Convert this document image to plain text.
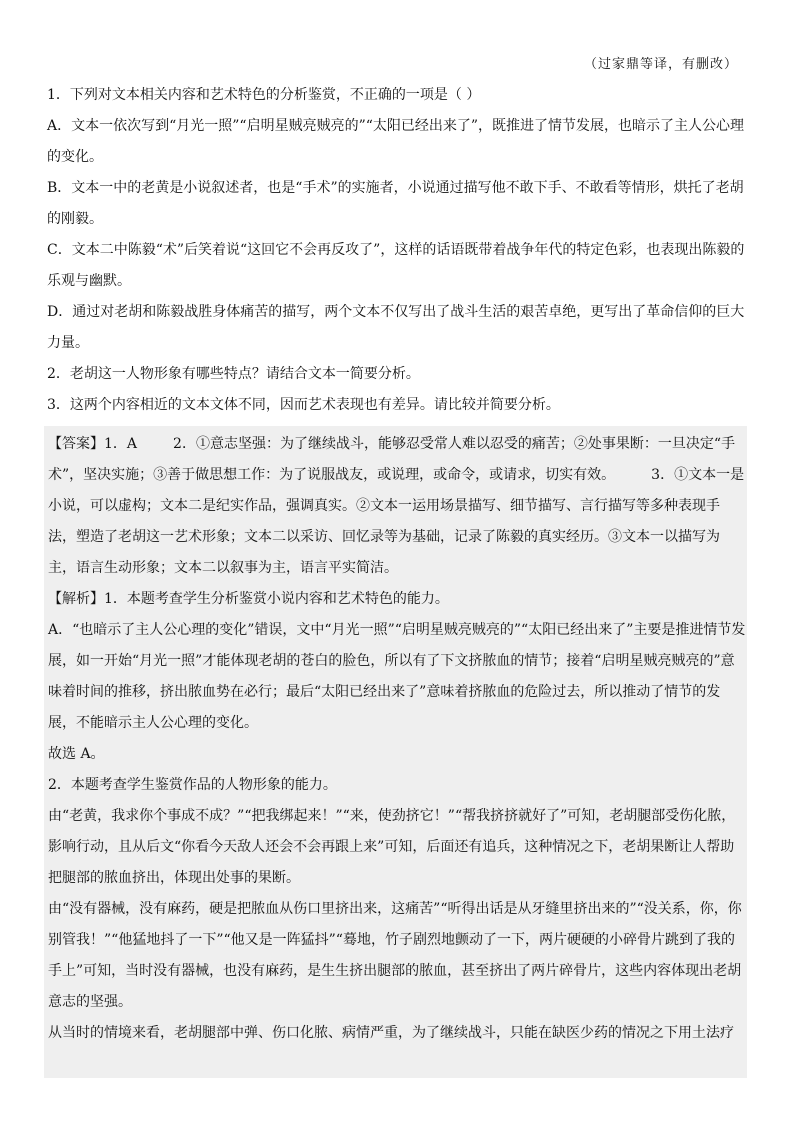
（过家鼎等译，有删改）

1．下列对文本相关内容和艺术特色的分析鉴赏，不正确的一项是（ ）

A．文本一依次写到“月光一照”“启明星贼亮贼亮的”“太阳已经出来了”，既推进了情节发展，也暗示了主人公心理的变化。

B．文本一中的老黄是小说叙述者，也是“手术”的实施者，小说通过描写他不敢下手、不敢看等情形，烘托了老胡的刚毅。

C．文本二中陈毅“术”后笑着说“这回它不会再反攻了”，这样的话语既带着战争年代的特定色彩，也表现出陈毅的乐观与幽默。

D．通过对老胡和陈毅战胜身体痛苦的描写，两个文本不仅写出了战斗生活的艰苦卓绝，更写出了革命信仰的巨大力量。

2．老胡这一人物形象有哪些特点？请结合文本一简要分析。

3．这两个内容相近的文本文体不同，因而艺术表现也有差异。请比较并简要分析。

【答案】1．A	2．①意志坚强：为了继续战斗，能够忍受常人难以忍受的痛苦；②处事果断：一旦决定“手术”，坚决实施；③善于做思想工作：为了说服战友，或说理，或命令，或请求，切实有效。	3．①文本一是小说，可以虚构；文本二是纪实作品，强调真实。②文本一运用场景描写、细节描写、言行描写等多种表现手法，塑造了老胡这一艺术形象；文本二以采访、回忆录等为基础，记录了陈毅的真实经历。③文本一以描写为主，语言生动形象；文本二以叙事为主，语言平实简洁。

【解析】1．本题考查学生分析鉴赏小说内容和艺术特色的能力。

A．“也暗示了主人公心理的变化”错误，文中“月光一照”“启明星贼亮贼亮的”“太阳已经出来了”主要是推进情节发展，如一开始“月光一照”才能体现老胡的苍白的脸色，所以有了下文挤脓血的情节；接着“启明星贼亮贼亮的”意味着时间的推移，挤出脓血势在必行；最后“太阳已经出来了”意味着挤脓血的危险过去，所以推动了情节的发展，不能暗示主人公心理的变化。

故选 A。

2．本题考查学生鉴赏作品的人物形象的能力。

由“老黄，我求你个事成不成？”“把我绑起来！”“来，使劲挤它！”“帮我挤挤就好了”可知，老胡腿部受伤化脓，影响行动，且从后文“你看今天敌人还会不会再跟上来”可知，后面还有追兵，这种情况之下，老胡果断让人帮助把腿部的脓血挤出，体现出处事的果断。

由“没有器械，没有麻药，硬是把脓血从伤口里挤出来，这痛苦”“听得出话是从牙缝里挤出来的”“没关系，你，你别管我！”“他猛地抖了一下”“他又是一阵猛抖”“蓦地，竹子剧烈地颤动了一下，两片硬硬的小碎骨片跳到了我的手上”可知，当时没有器械，也没有麻药，是生生挤出腿部的脓血，甚至挤出了两片碎骨片，这些内容体现出老胡意志的坚强。

从当时的情境来看，老胡腿部中弹、伤口化脓、病情严重，为了继续战斗，只能在缺医少药的情况之下用土法疗
